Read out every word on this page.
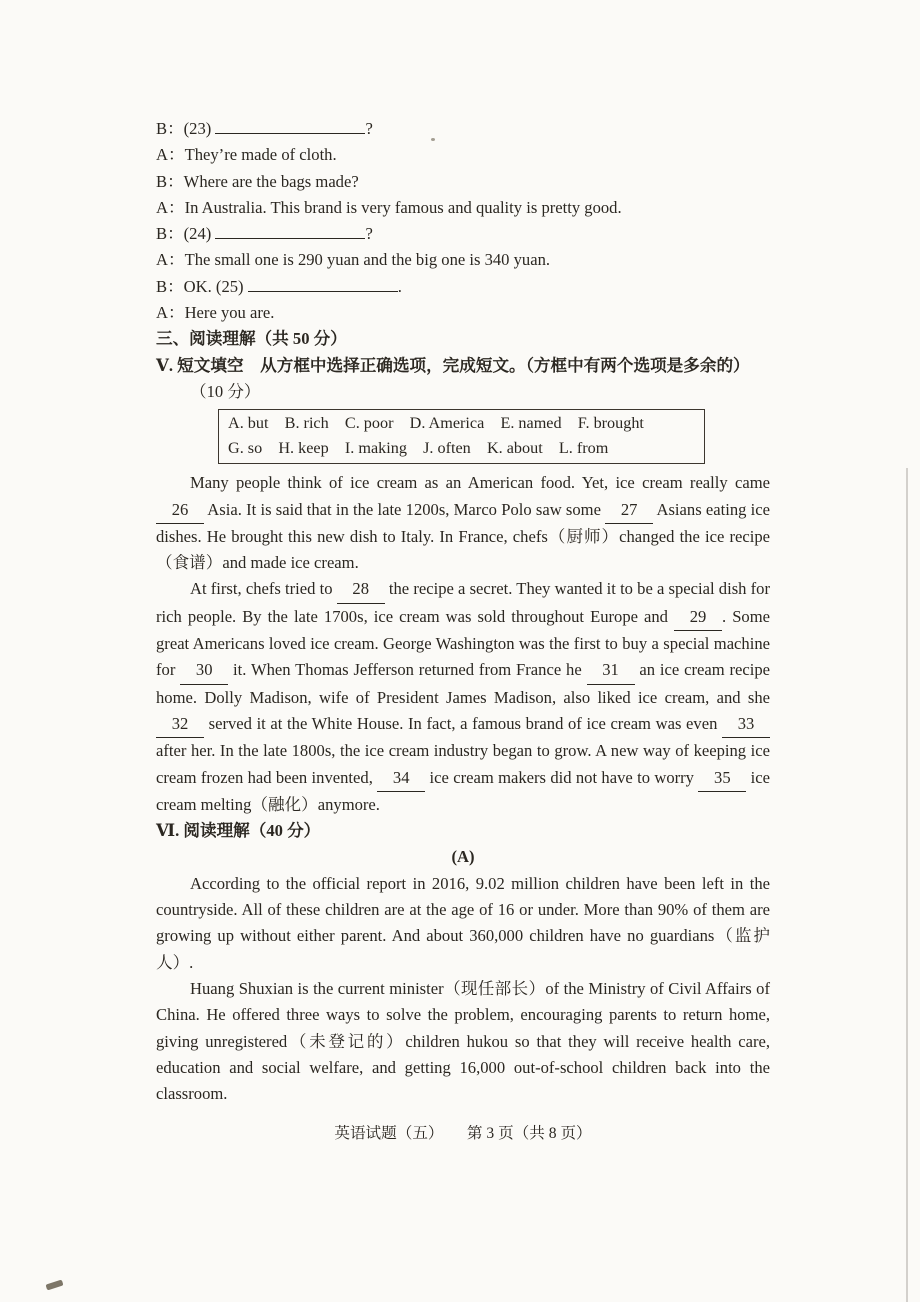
B：(23)	?

A：They’re made of cloth.

B：Where are the bags made?

A：In Australia. This brand is very famous and quality is pretty good.

B：(24)	?

A：The small one is 290 yuan and the big one is 340 yuan.

B：OK. (25)	.

A：Here you are.

三、阅读理解（共 50 分）

Ⅴ. 短文填空　从方框中选择正确选项，完成短文。（方框中有两个选项是多余的）

（10 分）

A. but    B. rich    C. poor    D. America    E. named    F. brought

G. so    H. keep    I. making    J. often    K. about    L. from

Many people think of ice cream as an American food. Yet, ice cream really came 26 Asia. It is said that in the late 1200s, Marco Polo saw some 27 Asians eating ice dishes. He brought this new dish to Italy. In France, chefs（厨师）changed the ice recipe（食谱）and made ice cream.

At first, chefs tried to 28 the recipe a secret. They wanted it to be a special dish for rich people. By the late 1700s, ice cream was sold throughout Europe and 29 . Some great Americans loved ice cream. George Washington was the first to buy a special machine for 30 it. When Thomas Jefferson returned from France he 31 an ice cream recipe home. Dolly Madison, wife of President James Madison, also liked ice cream, and she 32 served it at the White House. In fact, a famous brand of ice cream was even 33 after her. In the late 1800s, the ice cream industry began to grow. A new way of keeping ice cream frozen had been invented, 34 ice cream makers did not have to worry 35 ice cream melting（融化）anymore.

Ⅵ. 阅读理解（40 分）

(A)

According to the official report in 2016, 9.02 million children have been left in the countryside. All of these children are at the age of 16 or under. More than 90% of them are growing up without either parent. And about 360,000 children have no guardians（监护人）.

Huang Shuxian is the current minister（现任部长）of the Ministry of Civil Affairs of China. He offered three ways to solve the problem, encouraging parents to return home, giving unregistered（未登记的）children hukou so that they will receive health care, education and social welfare, and getting 16,000 out-of-school children back into the classroom.

英语试题（五）　　第 3 页（共 8 页）
